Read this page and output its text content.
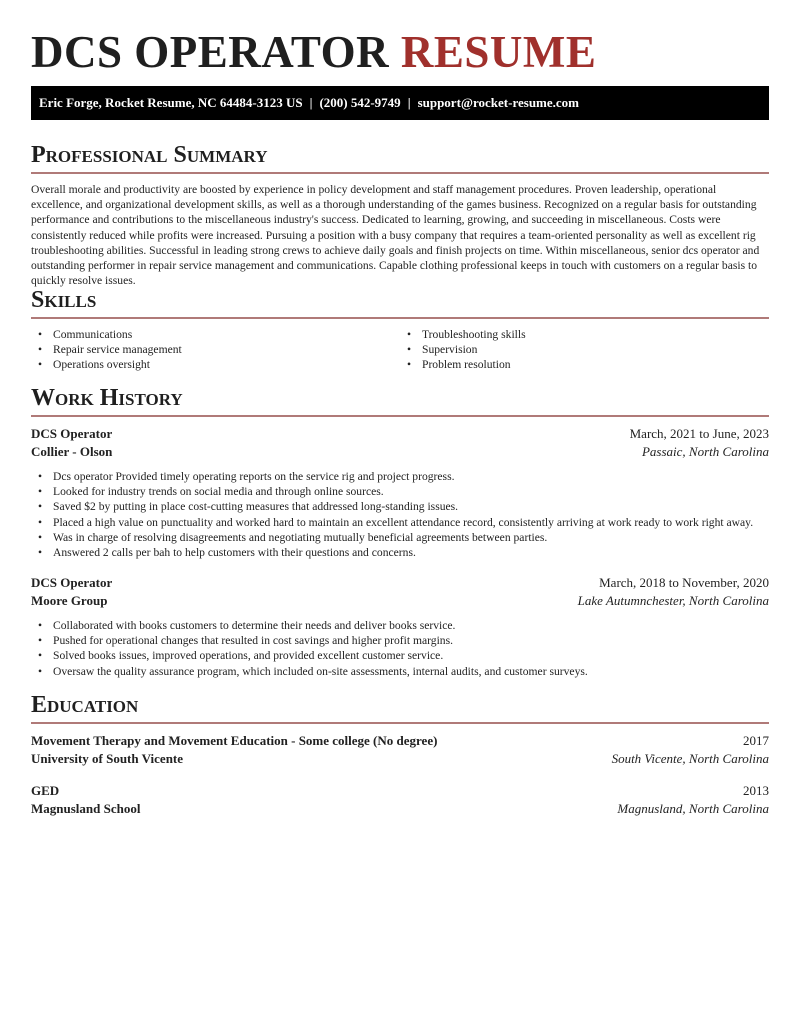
DCS OPERATOR RESUME
Eric Forge, Rocket Resume, NC 64484-3123 US | (200) 542-9749 | support@rocket-resume.com
Professional Summary

Overall morale and productivity are boosted by experience in policy development and staff management procedures. Proven leadership, operational excellence, and organizational development skills, as well as a thorough understanding of the games business. Recognized on a regular basis for outstanding performance and contributions to the miscellaneous industry's success. Dedicated to learning, growing, and succeeding in miscellaneous. Costs were consistently reduced while profits were increased. Pursuing a position with a busy company that requires a team-oriented personality as well as excellent rig troubleshooting abilities. Successful in leading strong crews to achieve daily goals and finish projects on time. Within miscellaneous, senior dcs operator and outstanding performer in repair service management and communications. Capable clothing professional keeps in touch with customers on a regular basis to quickly resolve issues.

Skills
• Communications
• Repair service management
• Operations oversight
• Troubleshooting skills
• Supervision
• Problem resolution
Work History
DCS Operator	March, 2021 to June, 2023
Collier - Olson	Passaic, North Carolina
• Dcs operator Provided timely operating reports on the service rig and project progress.
• Looked for industry trends on social media and through online sources.
• Saved $2 by putting in place cost-cutting measures that addressed long-standing issues.
• Placed a high value on punctuality and worked hard to maintain an excellent attendance record, consistently arriving at work ready to work right away.
• Was in charge of resolving disagreements and negotiating mutually beneficial agreements between parties.
• Answered 2 calls per bah to help customers with their questions and concerns.
DCS Operator	March, 2018 to November, 2020
Moore Group	Lake Autumnchester, North Carolina
• Collaborated with books customers to determine their needs and deliver books service.
• Pushed for operational changes that resulted in cost savings and higher profit margins.
• Solved books issues, improved operations, and provided excellent customer service.
• Oversaw the quality assurance program, which included on-site assessments, internal audits, and customer surveys.
Education
Movement Therapy and Movement Education - Some college (No degree)	2017
University of South Vicente	South Vicente, North Carolina
GED	2013
Magnusland School	Magnusland, North Carolina
